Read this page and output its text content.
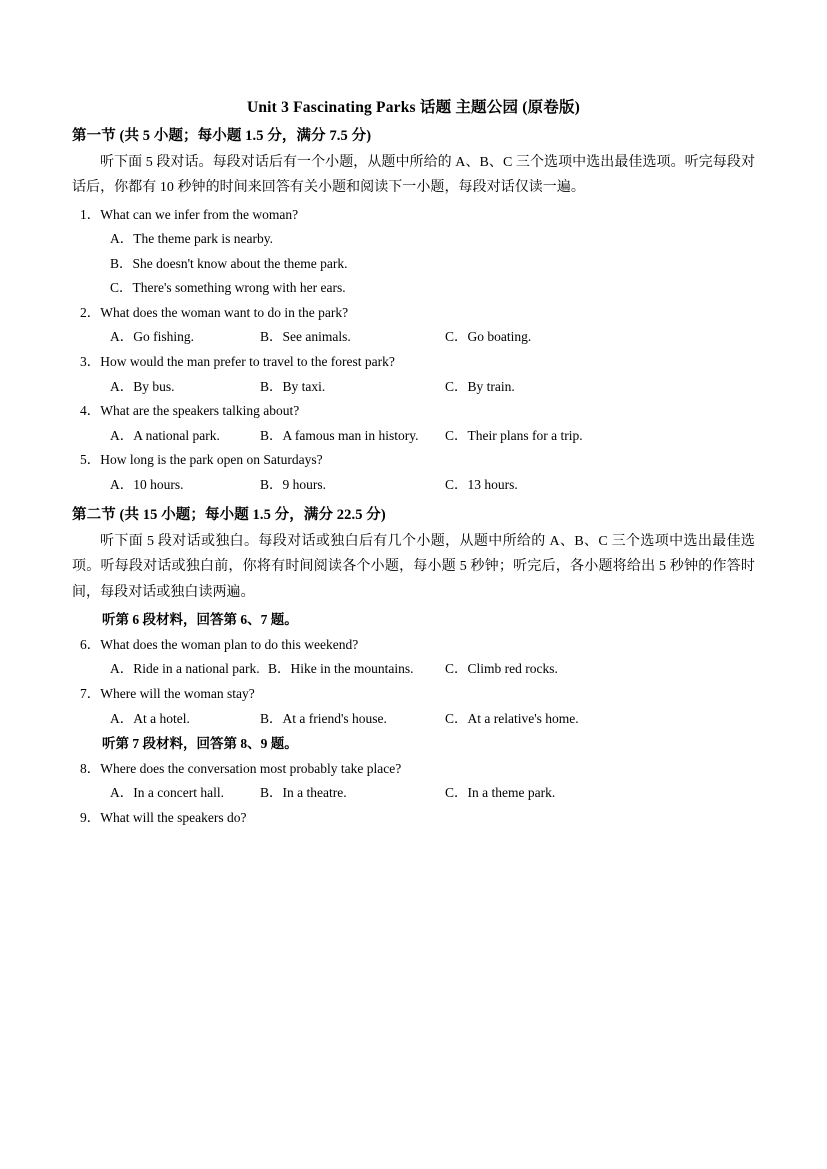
Unit 3 Fascinating Parks 话题 主题公园 (原卷版)
第一节 (共 5 小题；每小题 1.5 分，满分 7.5 分)
听下面 5 段对话。每段对话后有一个小题，从题中所给的 A、B、C 三个选项中选出最佳选项。听完每段对话后，你都有 10 秒钟的时间来回答有关小题和阅读下一小题，每段对话仅读一遍。
1．What can we infer from the woman?
A．The theme park is nearby.
B．She doesn't know about the theme park.
C．There's something wrong with her ears.
2．What does the woman want to do in the park?
A．Go fishing.	B．See animals.	C．Go boating.
3．How would the man prefer to travel to the forest park?
A．By bus.	B．By taxi.	C．By train.
4．What are the speakers talking about?
A．A national park.	B．A famous man in history. C．Their plans for a trip.
5．How long is the park open on Saturdays?
A．10 hours.	B．9 hours.	C．13 hours.
第二节 (共 15 小题；每小题 1.5 分，满分 22.5 分)
听下面 5 段对话或独白。每段对话或独白后有几个小题，从题中所给的 A、B、C 三个选项中选出最佳选项。听每段对话或独白前，你将有时间阅读各个小题，每小题 5 秒钟；听完后，各小题将给出 5 秒钟的作答时间，每段对话或独白读两遍。
听第 6 段材料，回答第 6、7 题。
6．What does the woman plan to do this weekend?
A．Ride in a national park. B．Hike in the mountains. C．Climb red rocks.
7．Where will the woman stay?
A．At a hotel.	B．At a friend's house.	C．At a relative's home.
听第 7 段材料，回答第 8、9 题。
8．Where does the conversation most probably take place?
A．In a concert hall.	B．In a theatre.	C．In a theme park.
9．What will the speakers do?
